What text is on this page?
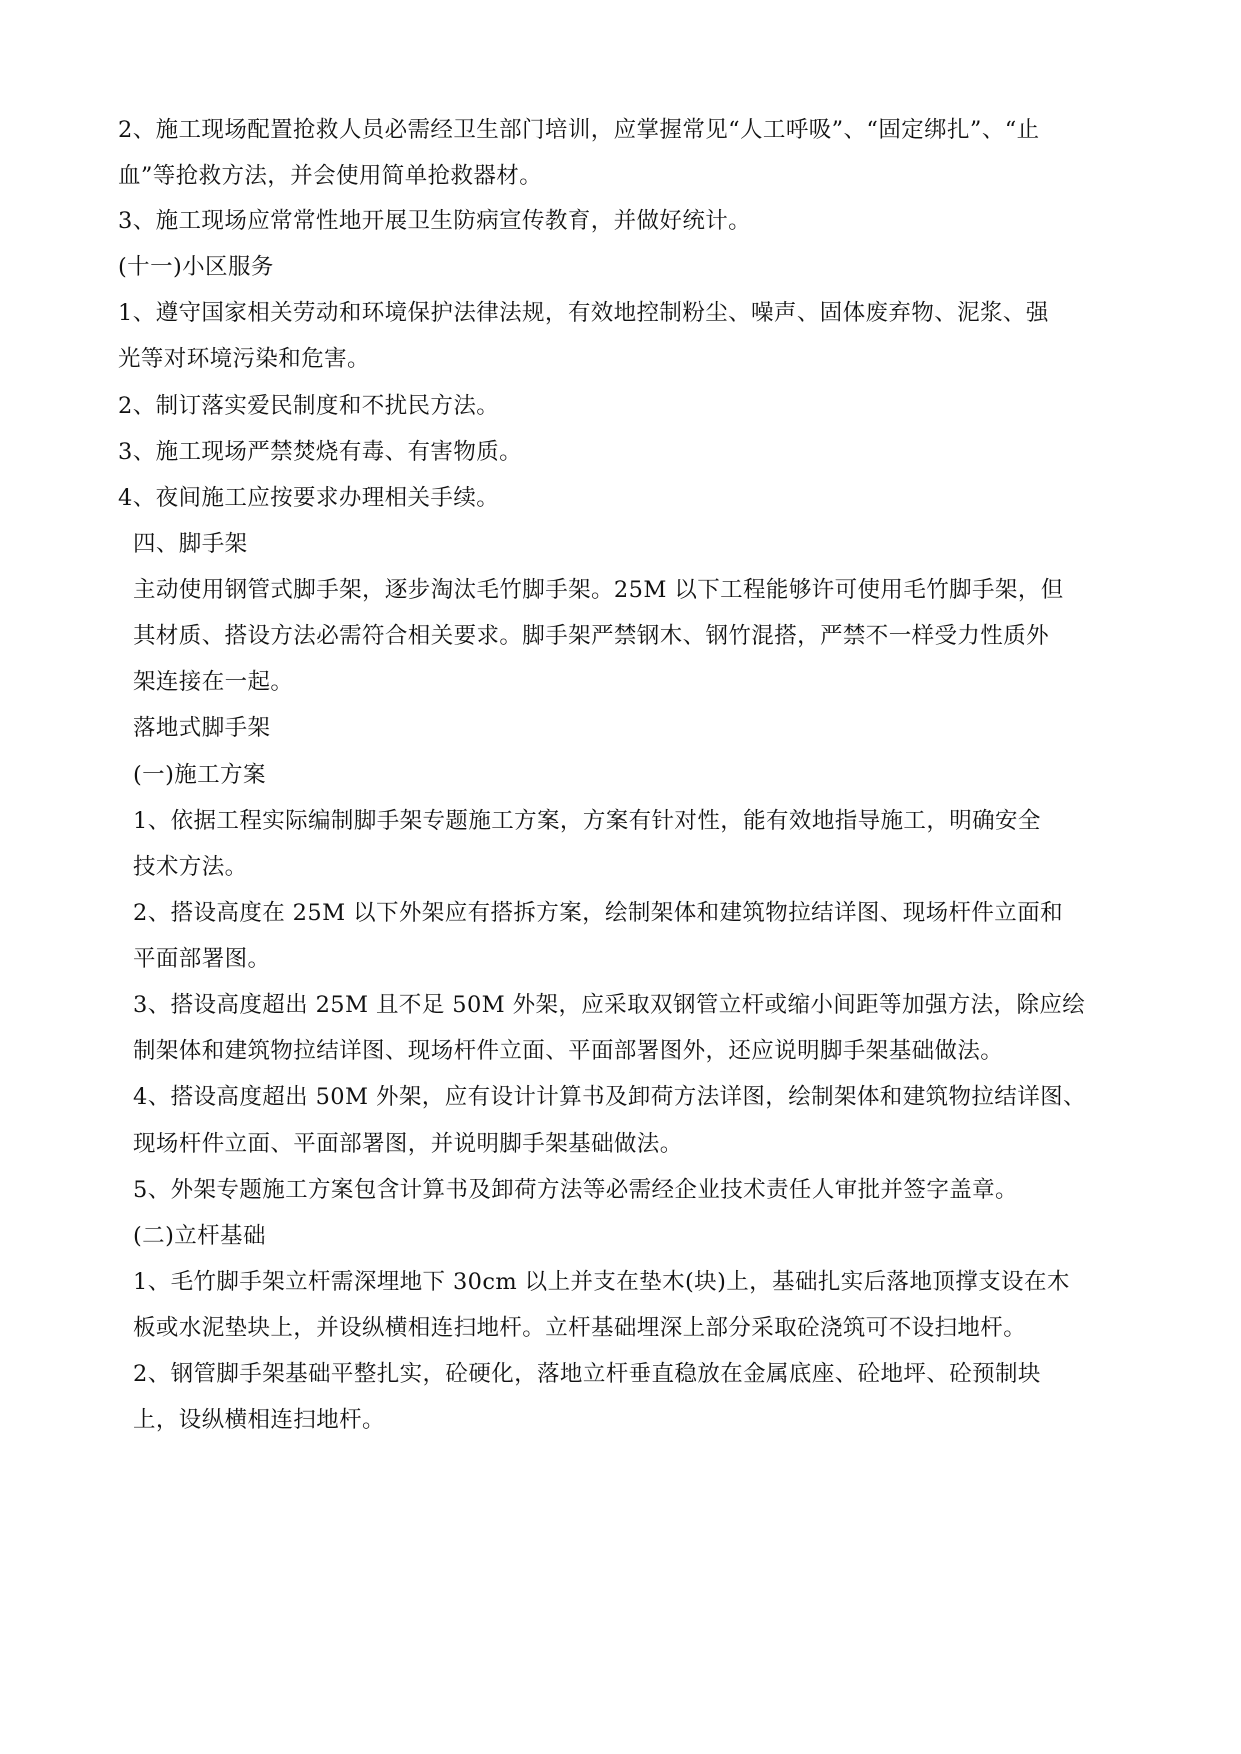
2、施工现场配置抢救人员必需经卫生部门培训，应掌握常见“人工呼吸”、“固定绑扎”、“止
血”等抢救方法，并会使用简单抢救器材。
3、施工现场应常常性地开展卫生防病宣传教育，并做好统计。
(十一)小区服务
1、遵守国家相关劳动和环境保护法律法规，有效地控制粉尘、噪声、固体废弃物、泥浆、强
光等对环境污染和危害。
2、制订落实爱民制度和不扰民方法。
3、施工现场严禁焚烧有毒、有害物质。
4、夜间施工应按要求办理相关手续。
四、脚手架
主动使用钢管式脚手架，逐步淘汰毛竹脚手架。25M 以下工程能够许可使用毛竹脚手架，但
其材质、搭设方法必需符合相关要求。脚手架严禁钢木、钢竹混搭，严禁不一样受力性质外
架连接在一起。
落地式脚手架
(一)施工方案
1、依据工程实际编制脚手架专题施工方案，方案有针对性，能有效地指导施工，明确安全
技术方法。
2、搭设高度在 25M 以下外架应有搭拆方案，绘制架体和建筑物拉结详图、现场杆件立面和
平面部署图。
3、搭设高度超出 25M 且不足 50M 外架，应采取双钢管立杆或缩小间距等加强方法，除应绘
制架体和建筑物拉结详图、现场杆件立面、平面部署图外，还应说明脚手架基础做法。
4、搭设高度超出 50M 外架，应有设计计算书及卸荷方法详图，绘制架体和建筑物拉结详图、
现场杆件立面、平面部署图，并说明脚手架基础做法。
5、外架专题施工方案包含计算书及卸荷方法等必需经企业技术责任人审批并签字盖章。
(二)立杆基础
1、毛竹脚手架立杆需深埋地下 30cm 以上并支在垫木(块)上，基础扎实后落地顶撑支设在木
板或水泥垫块上，并设纵横相连扫地杆。立杆基础埋深上部分采取砼浇筑可不设扫地杆。
2、钢管脚手架基础平整扎实，砼硬化，落地立杆垂直稳放在金属底座、砼地坪、砼预制块
上，设纵横相连扫地杆。
